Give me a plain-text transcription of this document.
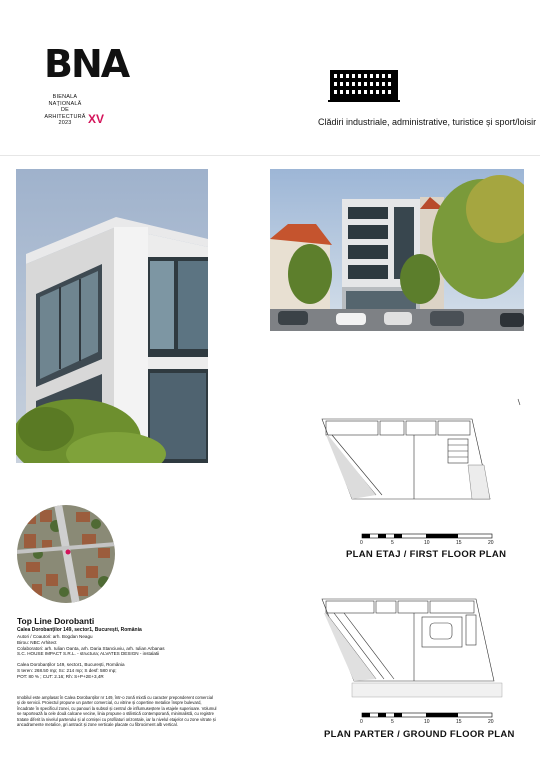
BNA
BIENALA
NAȚIONALĂ
DE
ARHITECTURĂ
2023	XV	Clădiri industriale, administrative, turistice și sport/loisir
Top Line Dorobanti
Calea Dorobanților 149, sector1, București, România
Autori / Coautori: arh. Bogdan Neagu
Birou: NBC Arhitect
Colaboratori: arh. Iulian Oanta, arh. Daria Stanciuviu, arh. Iulian Arbanas
S.C. HOUSE IMPACT S.R.L. - structura; ALVATES DESIGN - instalatii
Calea Dorobanților 149, sector1, București, România
S teren: 268.50 mp; Sc: 214 mp; S desf: 580 mp;
POT: 80 % ; CUT: 2.16; Rh: S+P+2E+3,4R
Imobilul este amplasat în Calea Dorobanților nr 149, într-o zonă mixtă cu caracter preponderent comercial și de servicii. Proiectul propune un parter comercial, cu vitrine și copertine metalice înspre bulevard, încadrate în specificul zonei, cu panouri la subsol și centrul de influmuseștere la etajele superioare. Volumul se raportează la cele două calcane vecine, linia propune o stilistică contemporană, minimalistă, cu registre tratate diferit la nivelul parterului și al cornișei cu profilaturi orizontale, iar la nivelul etajelor cu zone vitrate și ancadramente metalice, gri antracit și zone verticale placate cu fibrociment alb vertical.
0	5	10	15	20
PLAN ETAJ / FIRST FLOOR PLAN
0	5	10	15	20
PLAN PARTER / GROUND FLOOR PLAN
